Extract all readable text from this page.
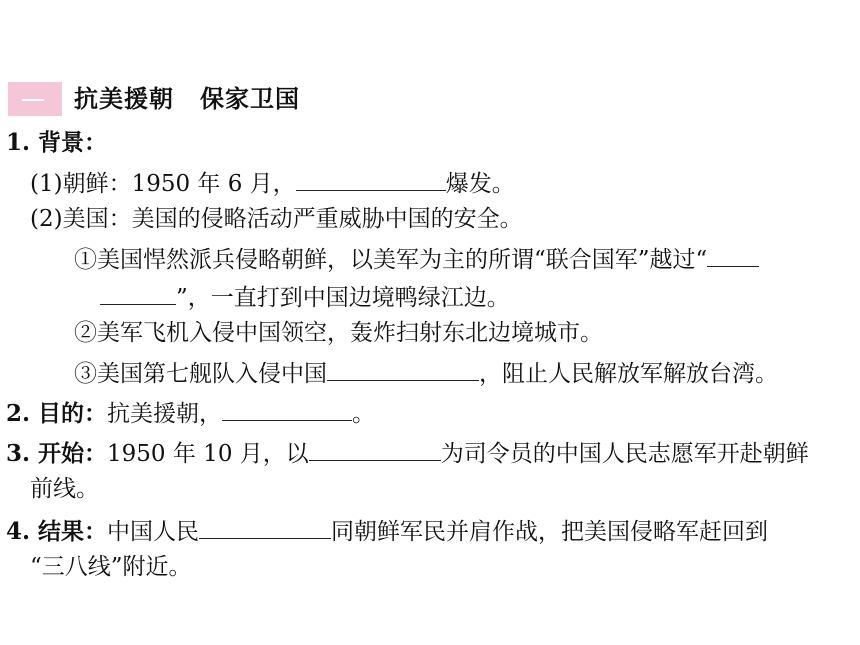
抗美援朝 保家卫国
1. 背景：
(1)朝鲜：1950 年 6 月，	爆发。
(2)美国：美国的侵略活动严重威胁中国的安全。
①美国悍然派兵侵略朝鲜，以美军为主的所谓“联合国军”越过“
”，一直打到中国边境鸭绿江边。
②美军飞机入侵中国领空，轰炸扫射东北边境城市。
③美国第七舰队入侵中国	，阻止人民解放军解放台湾。
2. 目的：抗美援朝，	。
3. 开始：1950 年 10 月，以	为司令员的中国人民志愿军开赴朝鲜
前线。
4. 结果：中国人民	同朝鲜军民并肩作战，把美国侵略军赶回到
“三八线”附近。
